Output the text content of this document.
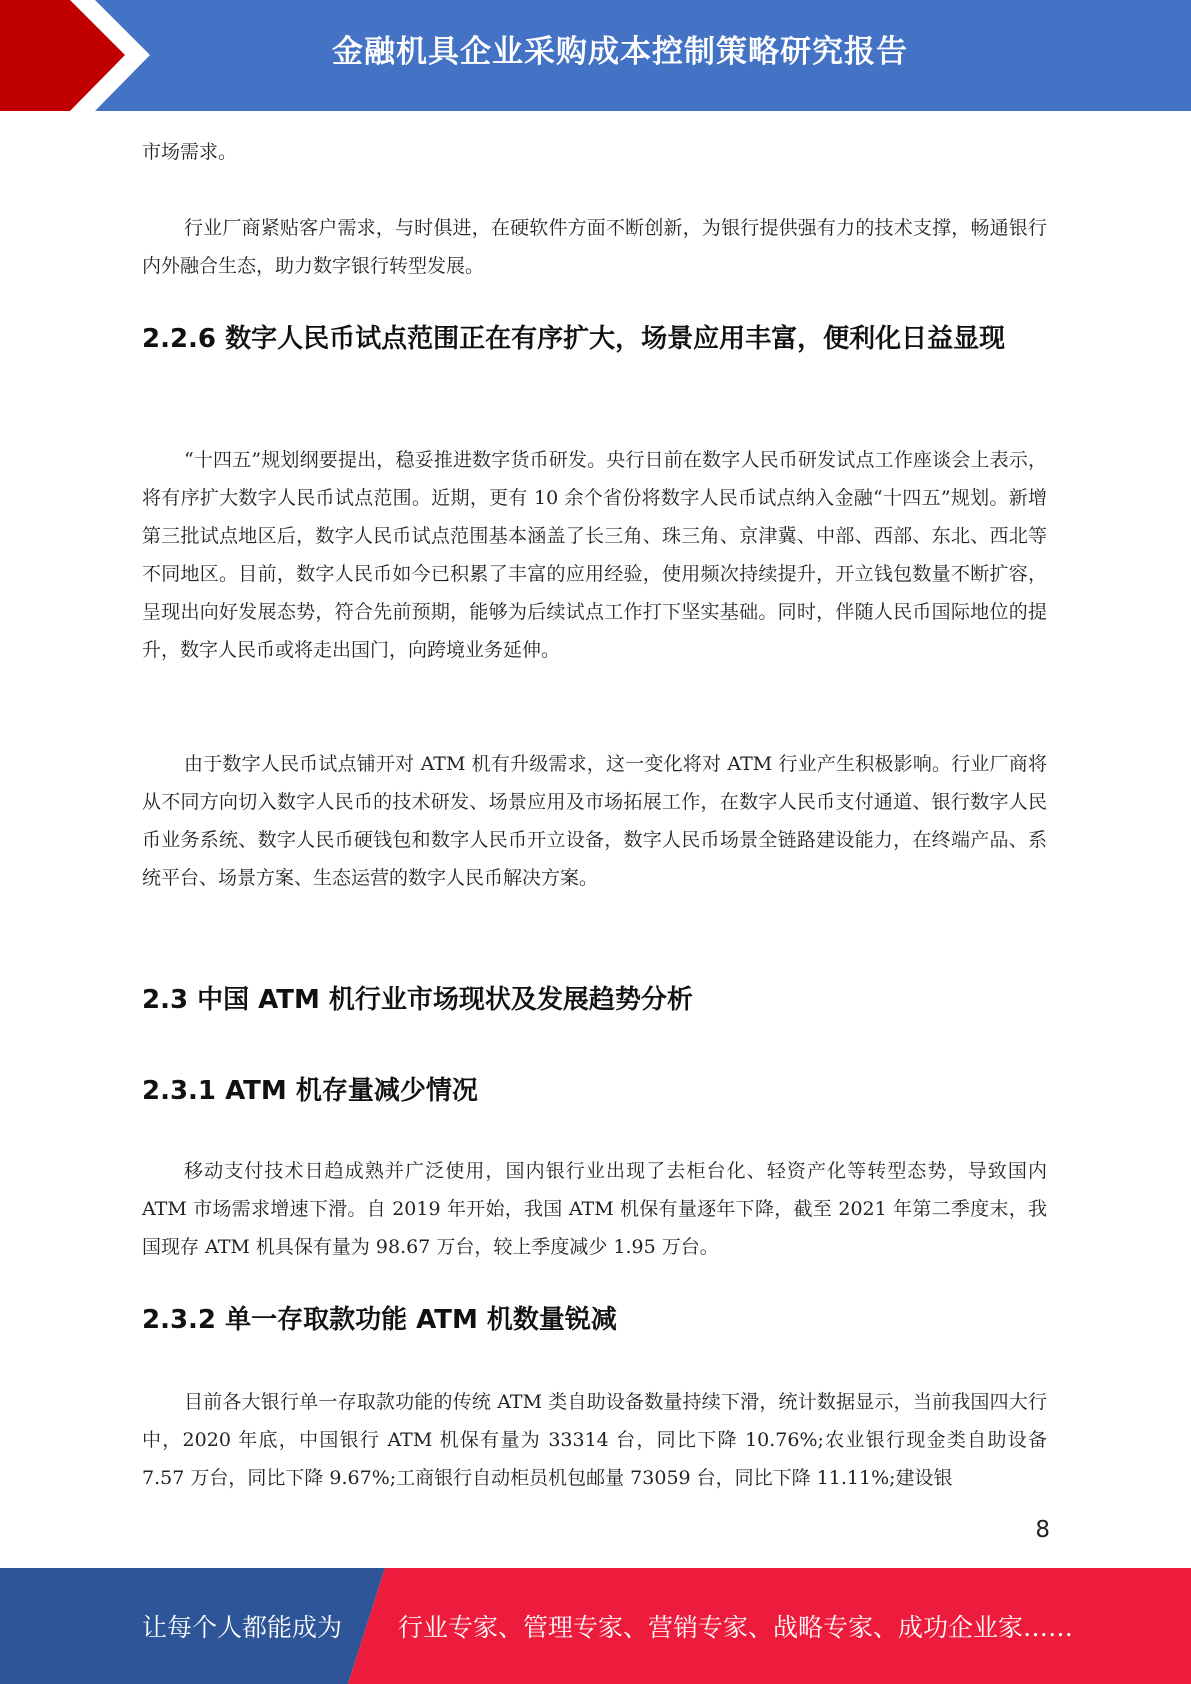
金融机具企业采购成本控制策略研究报告
市场需求。
行业厂商紧贴客户需求，与时俱进，在硬软件方面不断创新，为银行提供强有力的技术支撑，畅通银行内外融合生态，助力数字银行转型发展。
2.2.6 数字人民币试点范围正在有序扩大，场景应用丰富，便利化日益显现
“十四五”规划纲要提出，稳妥推进数字货币研发。央行日前在数字人民币研发试点工作座谈会上表示，将有序扩大数字人民币试点范围。近期，更有 10 余个省份将数字人民币试点纳入金融“十四五”规划。新增第三批试点地区后，数字人民币试点范围基本涵盖了长三角、珠三角、京津冀、中部、西部、东北、西北等不同地区。目前，数字人民币如今已积累了丰富的应用经验，使用频次持续提升，开立钱包数量不断扩容，呈现出向好发展态势，符合先前预期，能够为后续试点工作打下坚实基础。同时，伴随人民币国际地位的提升，数字人民币或将走出国门，向跨境业务延伸。
由于数字人民币试点铺开对 ATM 机有升级需求，这一变化将对 ATM 行业产生积极影响。行业厂商将从不同方向切入数字人民币的技术研发、场景应用及市场拓展工作，在数字人民币支付通道、银行数字人民币业务系统、数字人民币硬钱包和数字人民币开立设备，数字人民币场景全链路建设能力，在终端产品、系统平台、场景方案、生态运营的数字人民币解决方案。
2.3 中国 ATM 机行业市场现状及发展趋势分析
2.3.1 ATM 机存量减少情况
移动支付技术日趋成熟并广泛使用，国内银行业出现了去柜台化、轻资产化等转型态势，导致国内 ATM 市场需求增速下滑。自 2019 年开始，我国 ATM 机保有量逐年下降，截至 2021 年第二季度末，我国现存 ATM 机具保有量为 98.67 万台，较上季度减少 1.95 万台。
2.3.2 单一存取款功能 ATM 机数量锐减
目前各大银行单一存取款功能的传统 ATM 类自助设备数量持续下滑，统计数据显示，当前我国四大行中，2020 年底，中国银行 ATM 机保有量为 33314 台，同比下降 10.76%;农业银行现金类自助设备 7.57 万台，同比下降 9.67%;工商银行自动柜员机包邮量 73059 台，同比下降 11.11%;建设银
8
让每个人都能成为 行业专家、管理专家、营销专家、战略专家、成功企业家……
